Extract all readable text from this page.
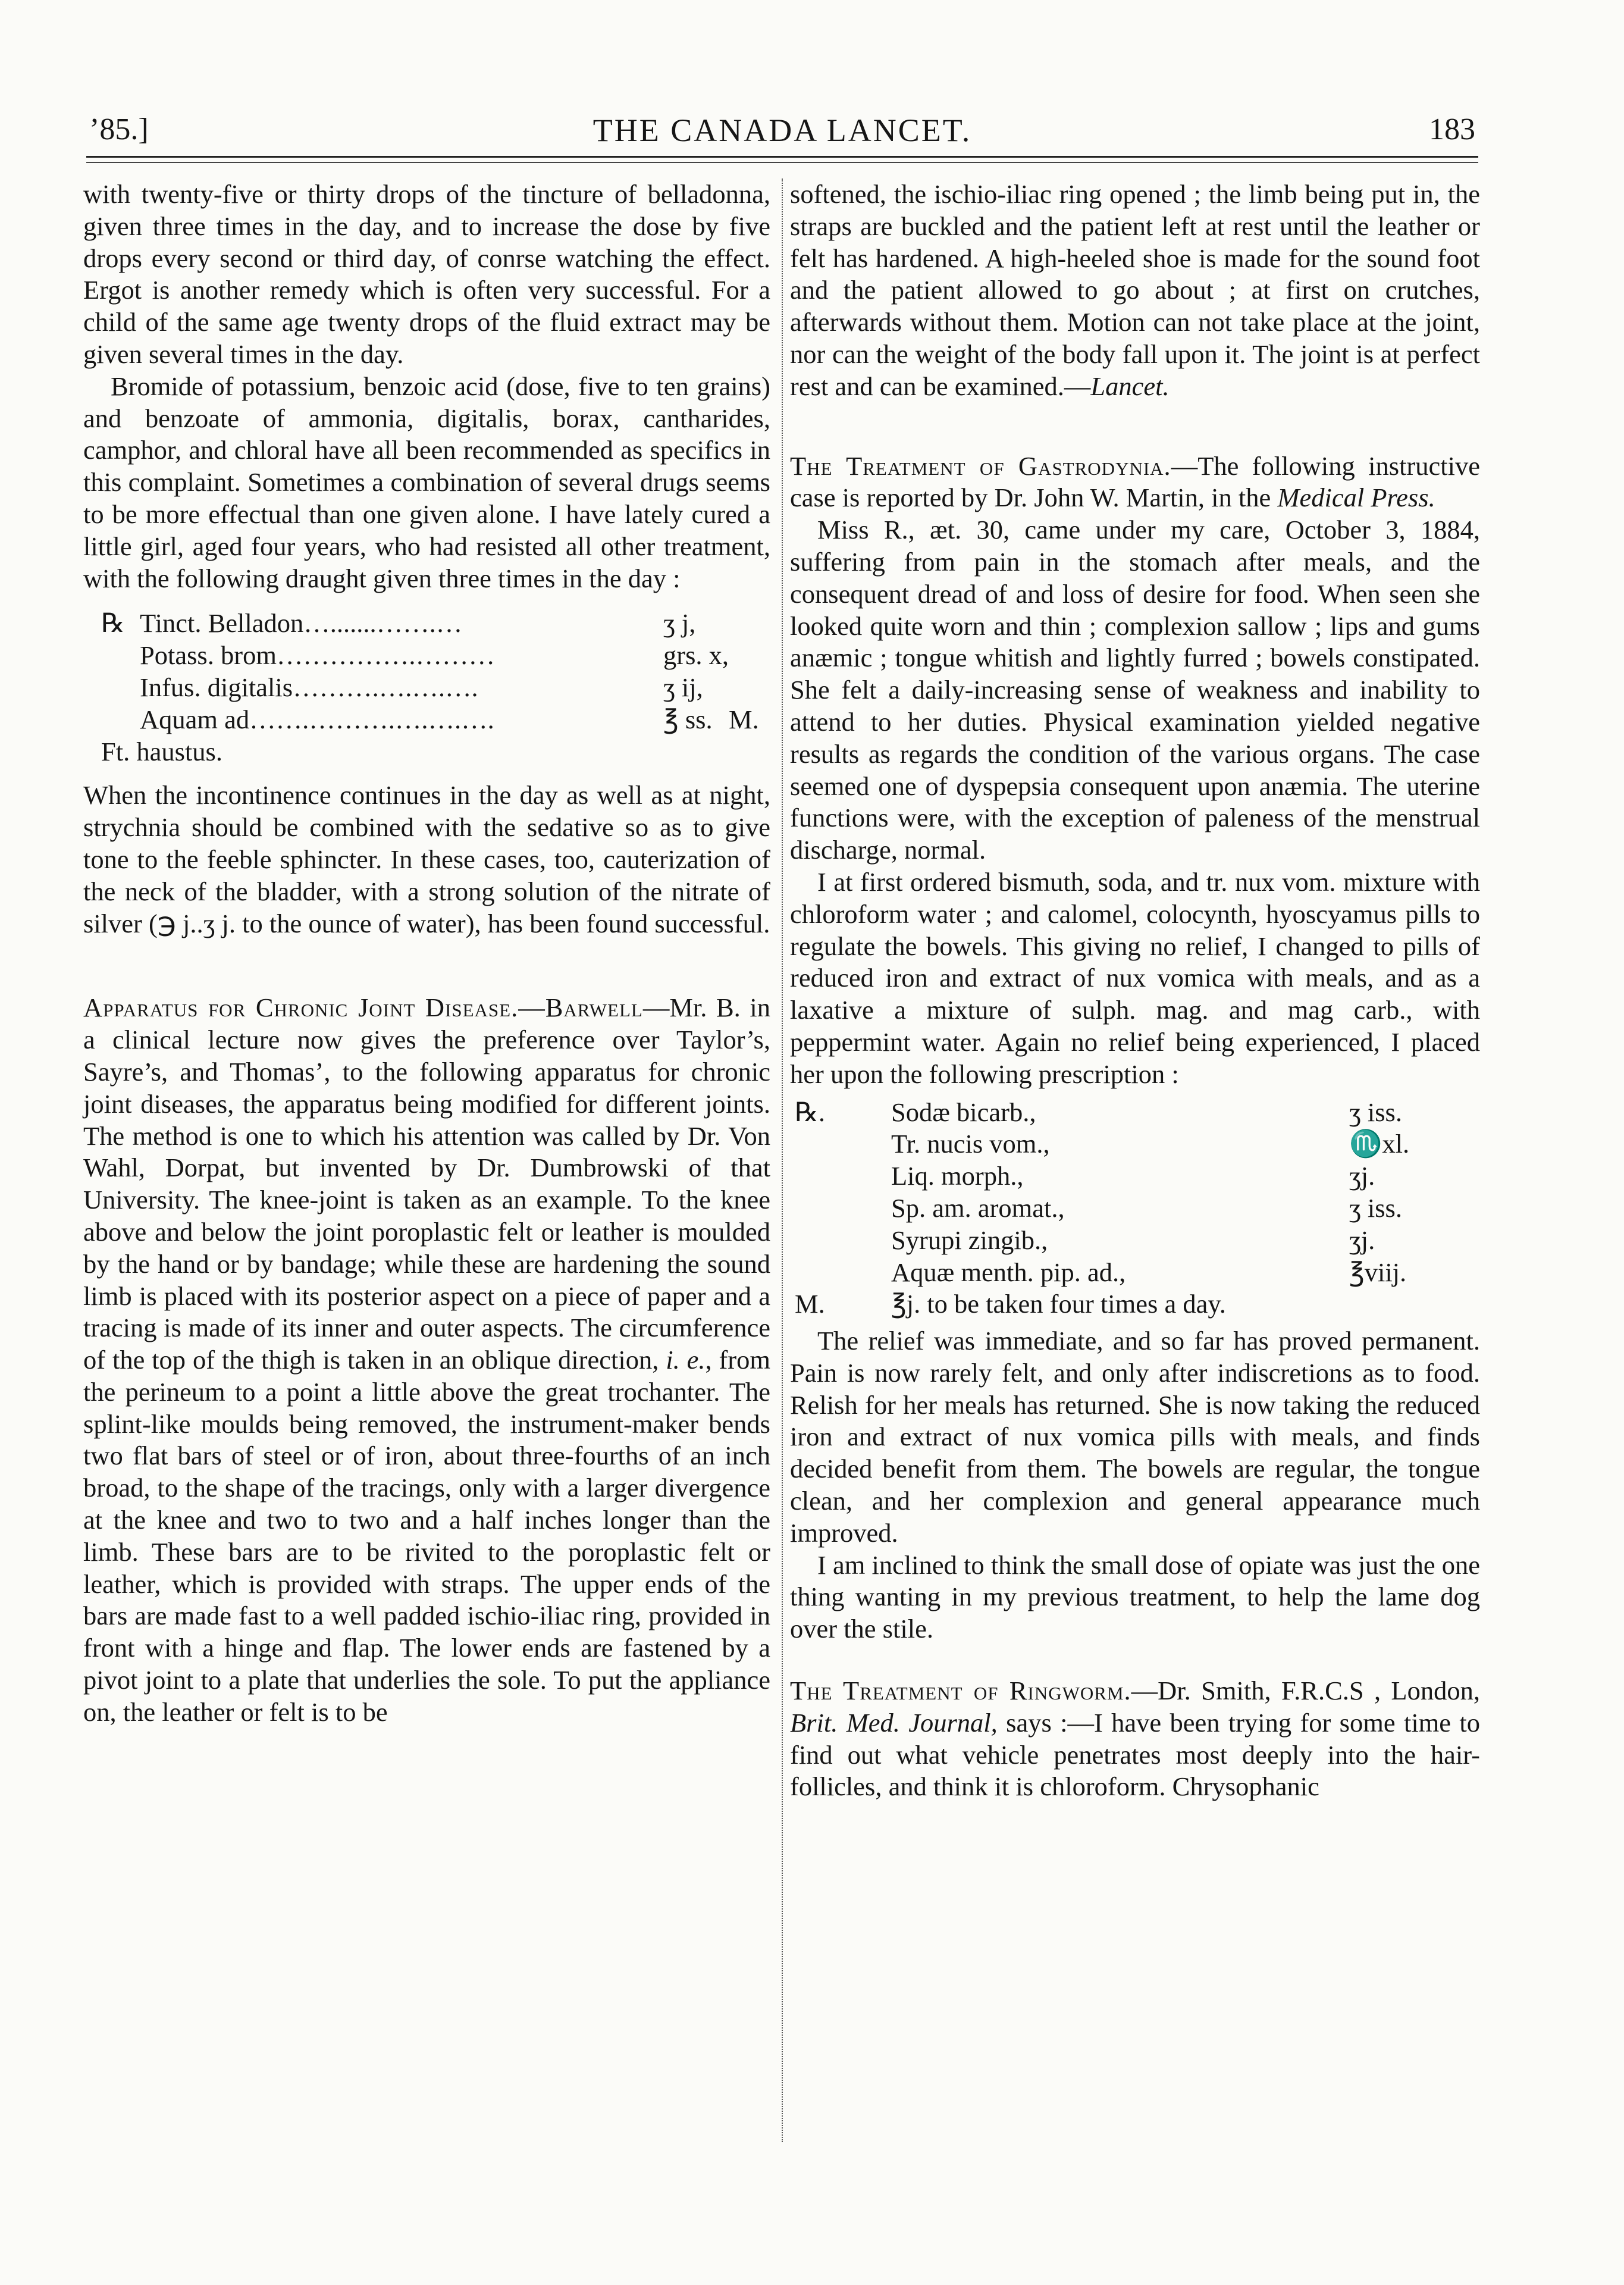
’85.]	THE CANADA LANCET.	183

with twenty-five or thirty drops of the tincture of belladonna, given three times in the day, and to increase the dose by five drops every second or third day, of conrse watching the effect. Ergot is another remedy which is often very successful. For a child of the same age twenty drops of the fluid extract may be given several times in the day.

Bromide of potassium, benzoic acid (dose, five to ten grains) and benzoate of ammonia, digitalis, borax, cantharides, camphor, and chloral have all been recommended as specifics in this complaint. Sometimes a combination of several drugs seems to be more effectual than one given alone. I have lately cured a little girl, aged four years, who had resisted all other treatment, with the following draught given three times in the day :

℞ Tinct. Belladon….......…….…	ʒ j,
Potass. brom…………….………	grs. x,
Infus. digitalis……….….….….	ʒ ij,
Aquam ad…….……….….….….	℥ ss. M.

Ft. haustus.

When the incontinence continues in the day as well as at night, strychnia should be combined with the sedative so as to give tone to the feeble sphincter. In these cases, too, cauterization of the neck of the bladder, with a strong solution of the nitrate of silver (℈ j..ʒ j. to the ounce of water), has been found successful.

Apparatus for Chronic Joint Disease.—Barwell—Mr. B. in a clinical lecture now gives the preference over Taylor’s, Sayre’s, and Thomas’, to the following apparatus for chronic joint diseases, the apparatus being modified for different joints. The method is one to which his attention was called by Dr. Von Wahl, Dorpat, but invented by Dr. Dumbrowski of that University. The knee-joint is taken as an example. To the knee above and below the joint poroplastic felt or leather is moulded by the hand or by bandage; while these are hardening the sound limb is placed with its posterior aspect on a piece of paper and a tracing is made of its inner and outer aspects. The circumference of the top of the thigh is taken in an oblique direction, i. e., from the perineum to a point a little above the great trochanter. The splint-like moulds being removed, the instrument-maker bends two flat bars of steel or of iron, about three-fourths of an inch broad, to the shape of the tracings, only with a larger divergence at the knee and two to two and a half inches longer than the limb. These bars are to be rivited to the poroplastic felt or leather, which is provided with straps. The upper ends of the bars are made fast to a well padded ischio-iliac ring, provided in front with a hinge and flap. The lower ends are fastened by a pivot joint to a plate that underlies the sole. To put the appliance on, the leather or felt is to be

softened, the ischio-iliac ring opened ; the limb being put in, the straps are buckled and the patient left at rest until the leather or felt has hardened. A high-heeled shoe is made for the sound foot and the patient allowed to go about ; at first on crutches, afterwards without them. Motion can not take place at the joint, nor can the weight of the body fall upon it. The joint is at perfect rest and can be examined.—Lancet.

The Treatment of Gastrodynia.—The following instructive case is reported by Dr. John W. Martin, in the Medical Press.

Miss R., æt. 30, came under my care, October 3, 1884, suffering from pain in the stomach after meals, and the consequent dread of and loss of desire for food. When seen she looked quite worn and thin ; complexion sallow ; lips and gums anæmic ; tongue whitish and lightly furred ; bowels constipated. She felt a daily-increasing sense of weakness and inability to attend to her duties. Physical examination yielded negative results as regards the condition of the various organs. The case seemed one of dyspepsia consequent upon anæmia. The uterine functions were, with the exception of paleness of the menstrual discharge, normal.

I at first ordered bismuth, soda, and tr. nux vom. mixture with chloroform water ; and calomel, colocynth, hyoscyamus pills to regulate the bowels. This giving no relief, I changed to pills of reduced iron and extract of nux vomica with meals, and as a laxative a mixture of sulph. mag. and mag carb., with peppermint water. Again no relief being experienced, I placed her upon the following prescription :

℞.	Sodæ bicarb.,	ʒ iss.
Tr. nucis vom.,	♏xl.
Liq. morph.,	ʒj.
Sp. am. aromat.,	ʒ iss.
Syrupi zingib.,	ʒj.
Aquæ menth. pip. ad.,	℥viij.
M.	℥j. to be taken four times a day.

The relief was immediate, and so far has proved permanent. Pain is now rarely felt, and only after indiscretions as to food. Relish for her meals has returned. She is now taking the reduced iron and extract of nux vomica pills with meals, and finds decided benefit from them. The bowels are regular, the tongue clean, and her complexion and general appearance much improved.

I am inclined to think the small dose of opiate was just the one thing wanting in my previous treatment, to help the lame dog over the stile.

The Treatment of Ringworm.—Dr. Smith, F.R.C.S , London, Brit. Med. Journal, says :—I have been trying for some time to find out what vehicle penetrates most deeply into the hair-follicles, and think it is chloroform. Chrysophanic
